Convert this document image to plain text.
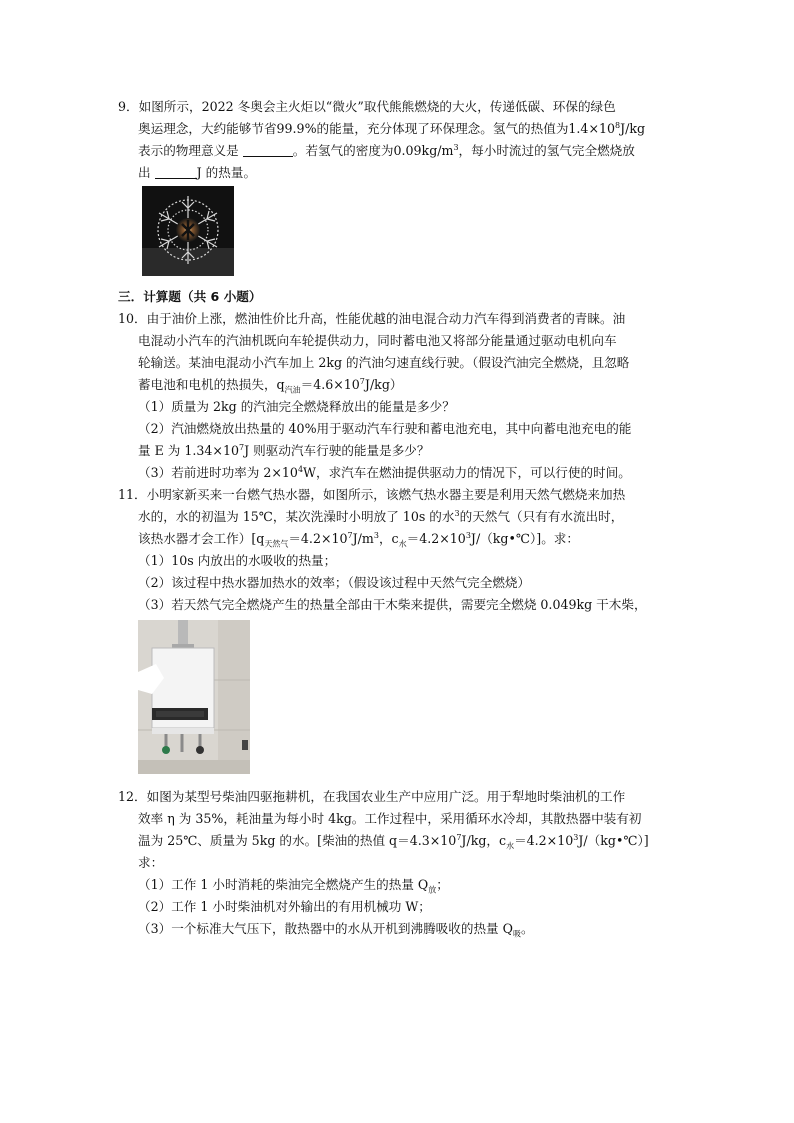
9．如图所示，2022 冬奥会主火炬以“微火”取代熊熊燃烧的大火，传递低碳、环保的绿色

奥运理念，大约能够节省99.9%的能量，充分体现了环保理念。氢气的热值为$1.4\times 10^8J/kg$

表示的物理意义是	。若氢气的密度为$0.09kg/m^3$，每小时流过的氢气完全燃烧放

出	J 的热量。

三．计算题（共 6 小题）

10．由于油价上涨，燃油性价比升高，性能优越的油电混合动力汽车得到消费者的青睐。油

电混动小汽车的汽油机既向车轮提供动力，同时蓄电池又将部分能量通过驱动电机向车

轮输送。某油电混动小汽车加上 2kg 的汽油匀速直线行驶。（假设汽油完全燃烧，且忽略

蓄电池和电机的热损失，$q_{汽油}=4.6\times 10^7J/kg$）

（1）质量为 2kg 的汽油完全燃烧释放出的能量是多少？

（2）汽油燃烧放出热量的 40%用于驱动汽车行驶和蓄电池充电，其中向蓄电池充电的能

量 E 为 $1.34\times 10^7J$ 则驱动汽车行驶的能量是多少？

（3）若前进时功率为 $2\times 10^4W$，求汽车在燃油提供驱动力的情况下，可以行使的时间。

11．小明家新买来一台燃气热水器，如图所示，该燃气热水器主要是利用天然气燃烧来加热

水的，水的初温为 15℃，某次洗澡时小明放了 10s 的水$^3$的天然气（只有有水流出时，

该热水器才会工作）[$q_{天然气}=4.2\times 10^7J/m^3$，$c_水=4.2\times 10^3J/(kg•℃)$]。求：

（1）10s 内放出的水吸收的热量；

（2）该过程中热水器加热水的效率；（假设该过程中天然气完全燃烧）

（3）若天然气完全燃烧产生的热量全部由干木柴来提供，需要完全燃烧 0.049kg 干木柴，

12．如图为某型号柴油四驱拖耕机，在我国农业生产中应用广泛。用于犁地时柴油机的工作

效率 η 为 35%，耗油量为每小时 4kg。工作过程中，采用循环水冷却，其散热器中装有初

温为 25℃、质量为 5kg 的水。[柴油的热值 $q=4.3\times 10^7J/kg$，$c_水=4.2\times 10^3J/(kg•℃)$]

求：

（1）工作 1 小时消耗的柴油完全燃烧产生的热量 $Q_放$；

（2）工作 1 小时柴油机对外输出的有用机械功 W；

（3）一个标准大气压下，散热器中的水从开机到沸腾吸收的热量 $Q_吸$。
